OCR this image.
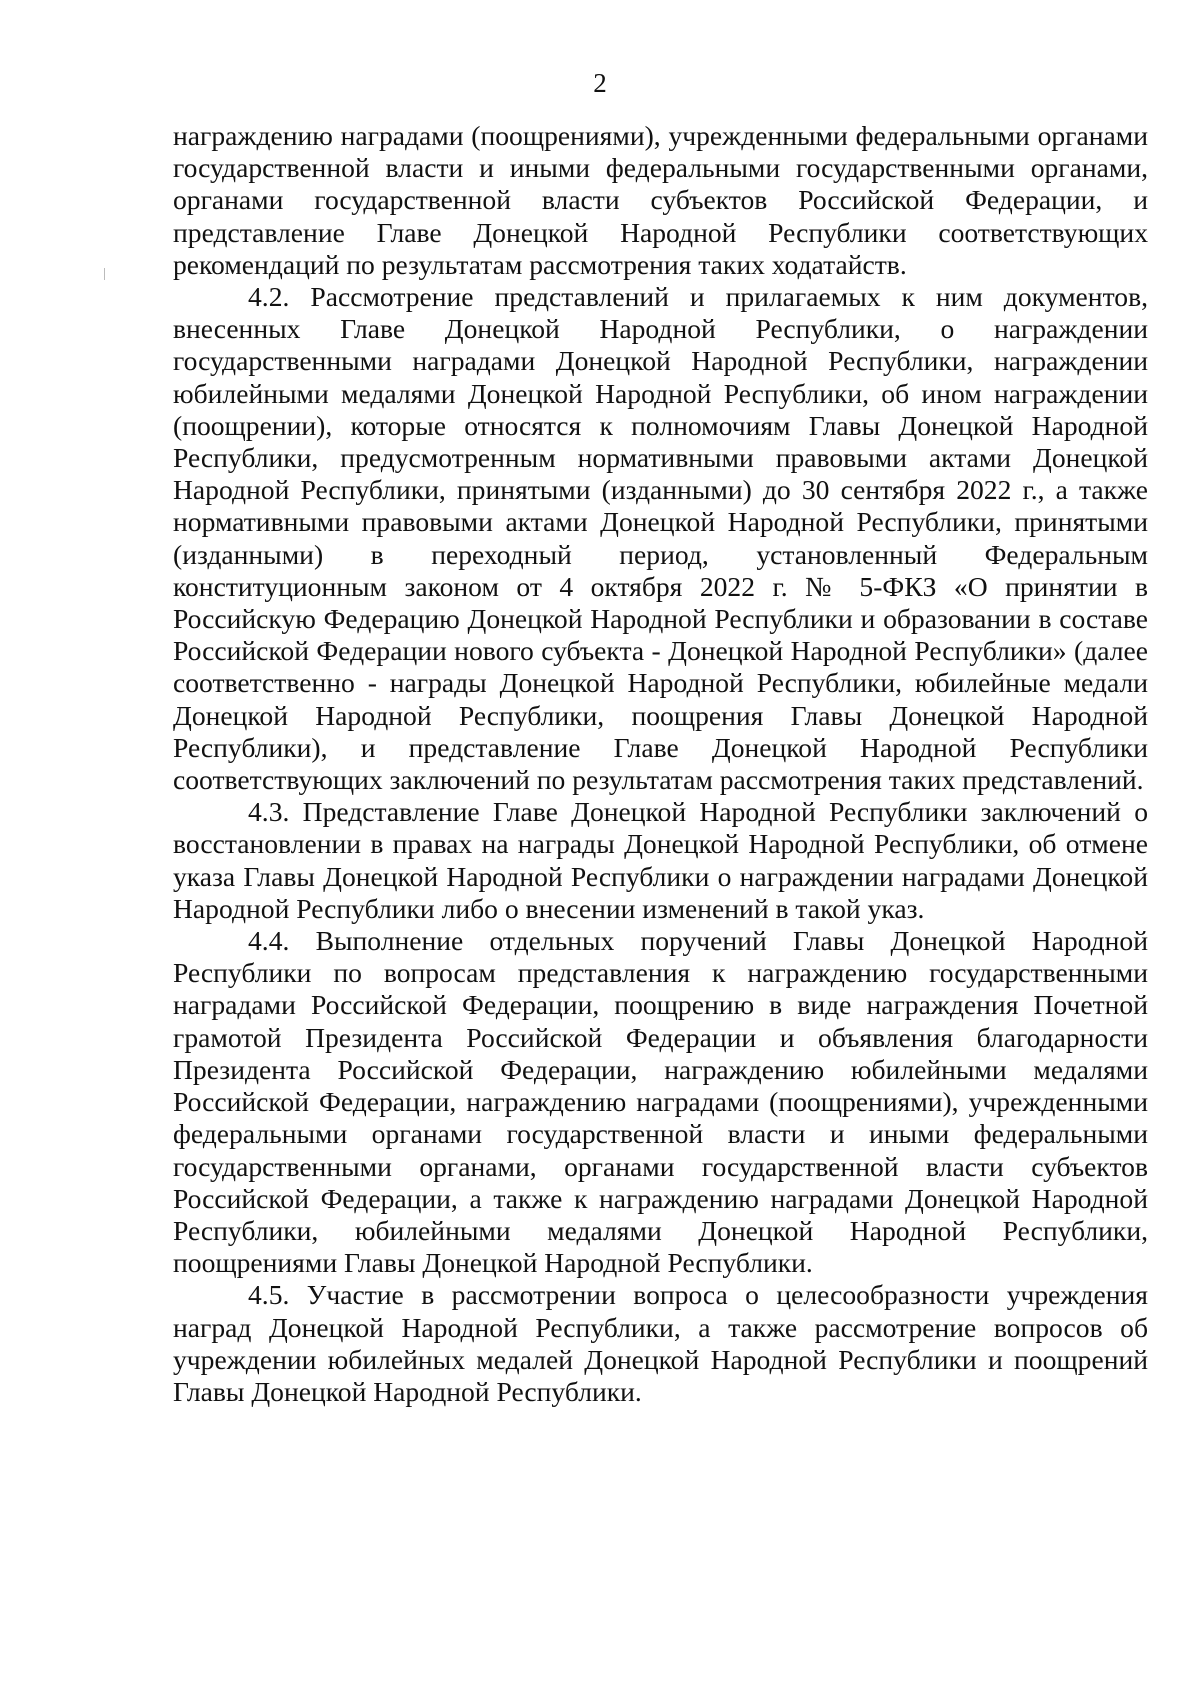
2

награждению наградами (поощрениями), учрежденными федеральными органами государственной власти и иными федеральными государственными органами, органами государственной власти субъектов Российской Федерации, и представление Главе Донецкой Народной Республики соответствующих рекомендаций по результатам рассмотрения таких ходатайств.

4.2. Рассмотрение представлений и прилагаемых к ним документов, внесенных Главе Донецкой Народной Республики, о награждении государственными наградами Донецкой Народной Республики, награждении юбилейными медалями Донецкой Народной Республики, об ином награждении (поощрении), которые относятся к полномочиям Главы Донецкой Народной Республики, предусмотренным нормативными правовыми актами Донецкой Народной Республики, принятыми (изданными) до 30 сентября 2022 г., а также нормативными правовыми актами Донецкой Народной Республики, принятыми (изданными) в переходный период, установленный Федеральным конституционным законом от 4 октября 2022 г. № 5-ФКЗ «О принятии в Российскую Федерацию Донецкой Народной Республики и образовании в составе Российской Федерации нового субъекта - Донецкой Народной Республики» (далее соответственно - награды Донецкой Народной Республики, юбилейные медали Донецкой Народной Республики, поощрения Главы Донецкой Народной Республики), и представление Главе Донецкой Народной Республики соответствующих заключений по результатам рассмотрения таких представлений.

4.3. Представление Главе Донецкой Народной Республики заключений о восстановлении в правах на награды Донецкой Народной Республики, об отмене указа Главы Донецкой Народной Республики о награждении наградами Донецкой Народной Республики либо о внесении изменений в такой указ.

4.4. Выполнение отдельных поручений Главы Донецкой Народной Республики по вопросам представления к награждению государственными наградами Российской Федерации, поощрению в виде награждения Почетной грамотой Президента Российской Федерации и объявления благодарности Президента Российской Федерации, награждению юбилейными медалями Российской Федерации, награждению наградами (поощрениями), учрежденными федеральными органами государственной власти и иными федеральными государственными органами, органами государственной власти субъектов Российской Федерации, а также к награждению наградами Донецкой Народной Республики, юбилейными медалями Донецкой Народной Республики, поощрениями Главы Донецкой Народной Республики.

4.5. Участие в рассмотрении вопроса о целесообразности учреждения наград Донецкой Народной Республики, а также рассмотрение вопросов об учреждении юбилейных медалей Донецкой Народной Республики и поощрений Главы Донецкой Народной Республики.
